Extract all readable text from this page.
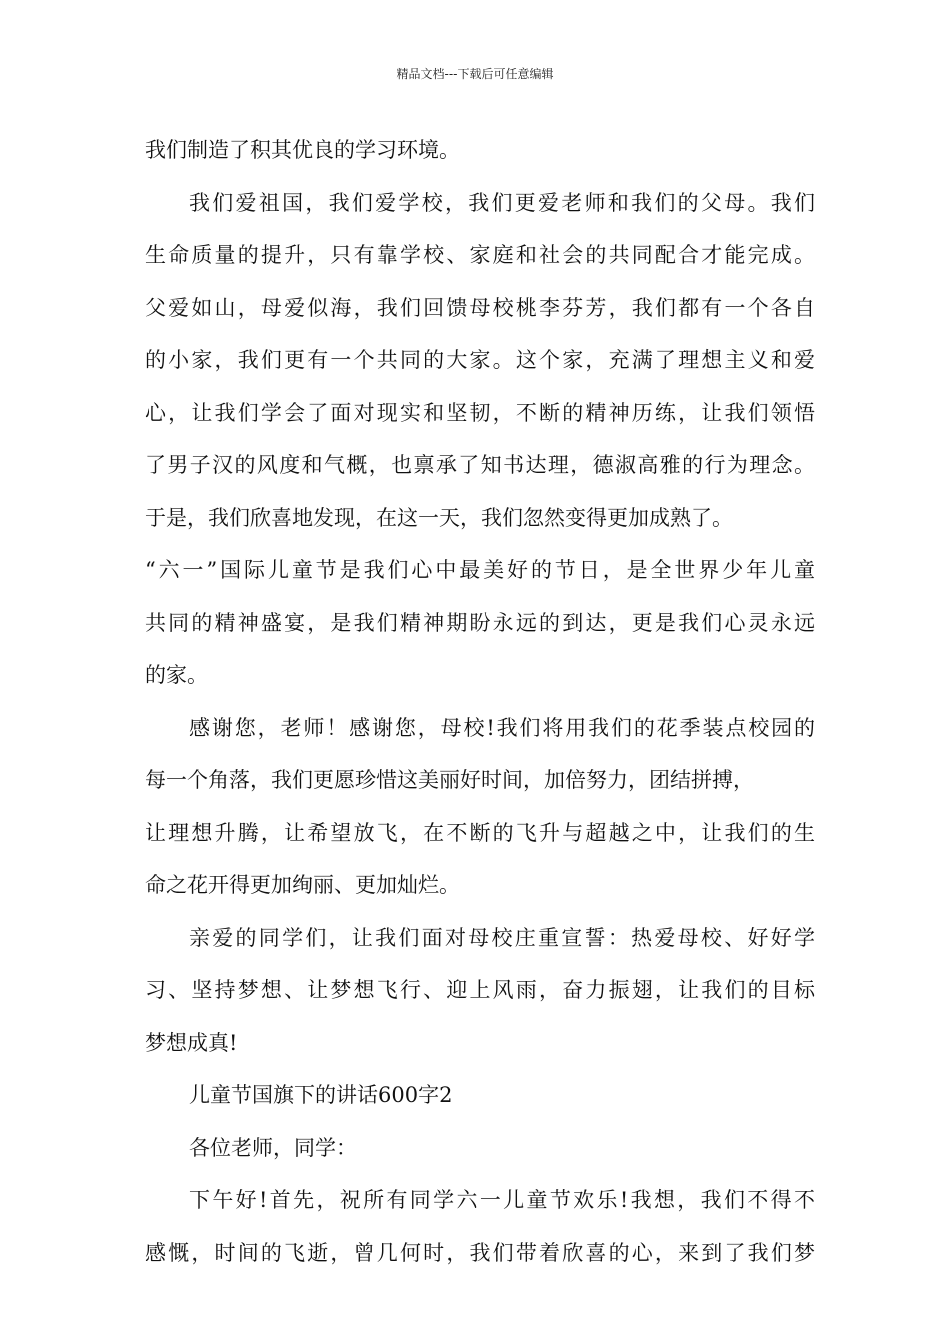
精品文档---下载后可任意编辑
我们制造了积其优良的学习环境。
我们爱祖国，我们爱学校，我们更爱老师和我们的父母。我们
生命质量的提升，只有靠学校、家庭和社会的共同配合才能完成。
父爱如山，母爱似海，我们回馈母校桃李芬芳，我们都有一个各自
的小家，我们更有一个共同的大家。这个家，充满了理想主义和爱
心，让我们学会了面对现实和坚韧，不断的精神历练，让我们领悟
了男子汉的风度和气概，也禀承了知书达理，德淑高雅的行为理念。
于是，我们欣喜地发现，在这一天，我们忽然变得更加成熟了。
“六一”国际儿童节是我们心中最美好的节日，是全世界少年儿童
共同的精神盛宴，是我们精神期盼永远的到达，更是我们心灵永远
的家。
感谢您，老师！感谢您，母校!我们将用我们的花季装点校园的
每一个角落，我们更愿珍惜这美丽好时间，加倍努力，团结拼搏，
让理想升腾，让希望放飞，在不断的飞升与超越之中，让我们的生
命之花开得更加绚丽、更加灿烂。
亲爱的同学们，让我们面对母校庄重宣誓：热爱母校、好好学
习、坚持梦想、让梦想飞行、迎上风雨，奋力振翅，让我们的目标
梦想成真!
儿童节国旗下的讲话600字2
各位老师，同学：
下午好!首先，祝所有同学六一儿童节欢乐!我想，我们不得不
感慨，时间的飞逝，曾几何时，我们带着欣喜的心，来到了我们梦
